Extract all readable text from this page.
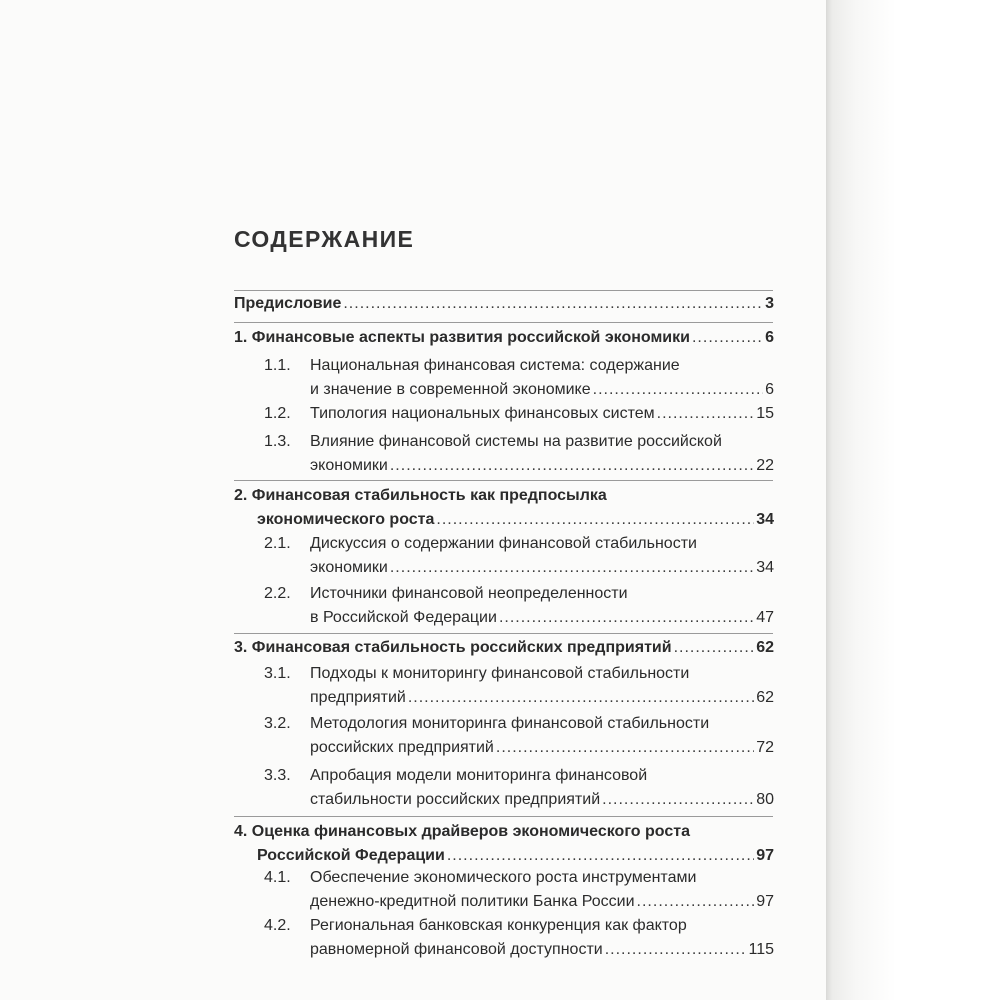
СОДЕРЖАНИЕ
Предисловие .....	3
1. Финансовые аспекты развития российской экономики .....	6
1.1. Национальная финансовая система: содержание
и значение в современной экономике .....	6
1.2. Типология национальных финансовых систем .....	15
1.3. Влияние финансовой системы на развитие российской
экономики .....	22
2. Финансовая стабильность как предпосылка
экономического роста .....	34
2.1. Дискуссия о содержании финансовой стабильности
экономики .....	34
2.2. Источники финансовой неопределенности
в Российской Федерации .....	47
3. Финансовая стабильность российских предприятий .....	62
3.1. Подходы к мониторингу финансовой стабильности
предприятий .....	62
3.2. Методология мониторинга финансовой стабильности
российских предприятий .....	72
3.3. Апробация модели мониторинга финансовой
стабильности российских предприятий .....	80
4. Оценка финансовых драйверов экономического роста
Российской Федерации .....	97
4.1. Обеспечение экономического роста инструментами
денежно-кредитной политики Банка России .....	97
4.2. Региональная банковская конкуренция как фактор
равномерной финансовой доступности .....	115
